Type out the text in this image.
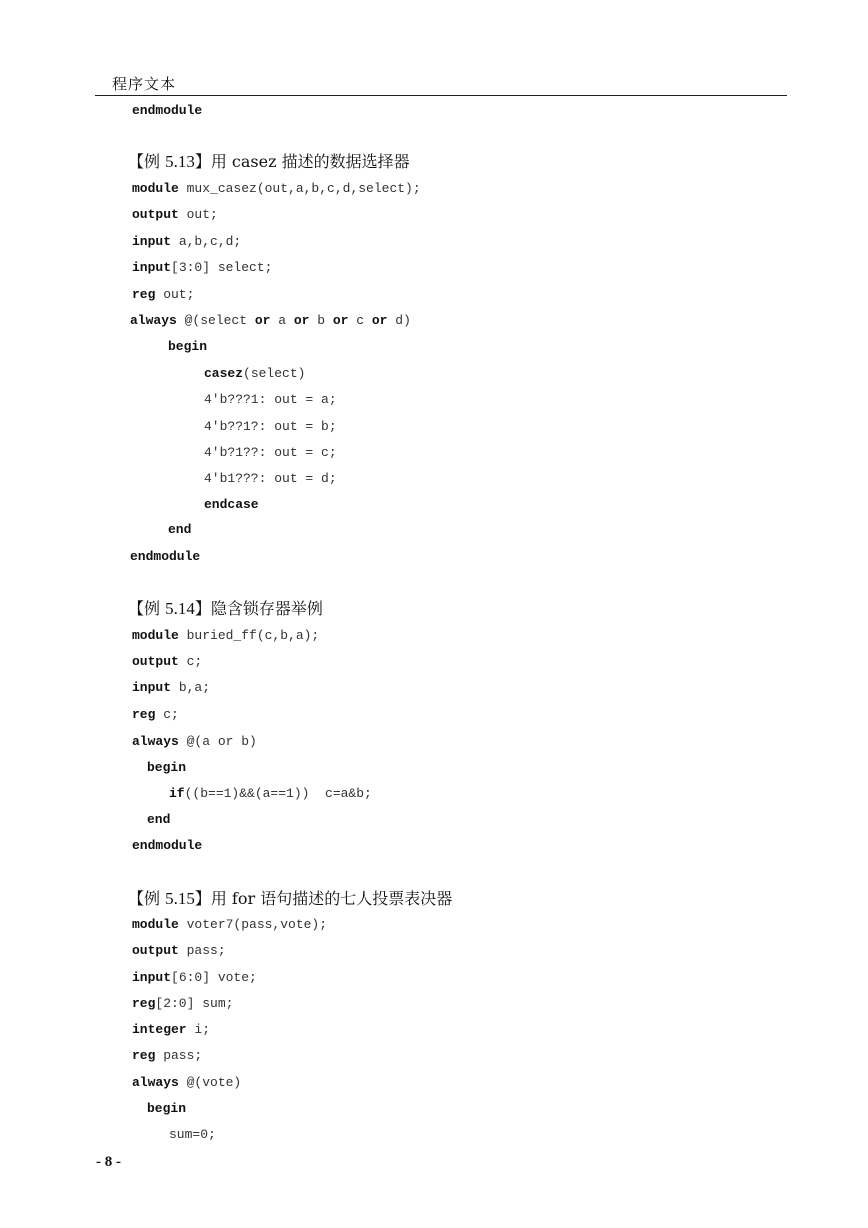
程序文本
endmodule
【例 5.13】用 casez 描述的数据选择器
module mux_casez(out,a,b,c,d,select);
output out;
input a,b,c,d;
input[3:0] select;
reg out;
always @(select or a or b or c or d)
begin
casez(select)
4'b???1: out = a;
4'b??1?: out = b;
4'b?1??: out = c;
4'b1???: out = d;
endcase
end
endmodule
【例 5.14】隐含锁存器举例
module buried_ff(c,b,a);
output c;
input b,a;
reg c;
always @(a or b)
begin
if((b==1)&&(a==1))  c=a&b;
end
endmodule
【例 5.15】用 for 语句描述的七人投票表决器
module voter7(pass,vote);
output pass;
input[6:0] vote;
reg[2:0] sum;
integer i;
reg pass;
always @(vote)
begin
sum=0;
- 8 -
